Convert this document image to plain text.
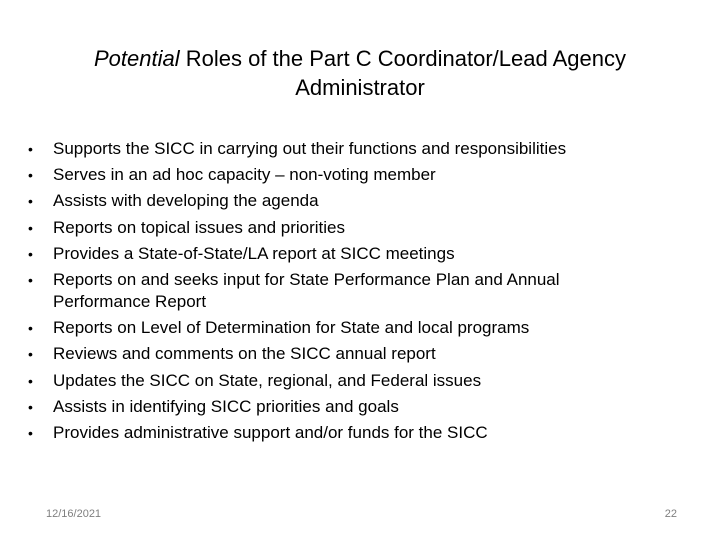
Potential Roles of the Part C Coordinator/Lead Agency
Administrator
• Supports the SICC in carrying out their functions and responsibilities
• Serves in an ad hoc capacity – non-voting member
• Assists with developing the agenda
• Reports on topical issues and priorities
• Provides a State-of-State/LA report at SICC meetings
• Reports on and seeks input for State Performance Plan and Annual
Performance Report
• Reports on Level of Determination for State and local programs
• Reviews and comments on the SICC annual report
• Updates the SICC on State, regional, and Federal issues
• Assists in identifying SICC priorities and goals
• Provides administrative support and/or funds for the SICC
12/16/2021	22
